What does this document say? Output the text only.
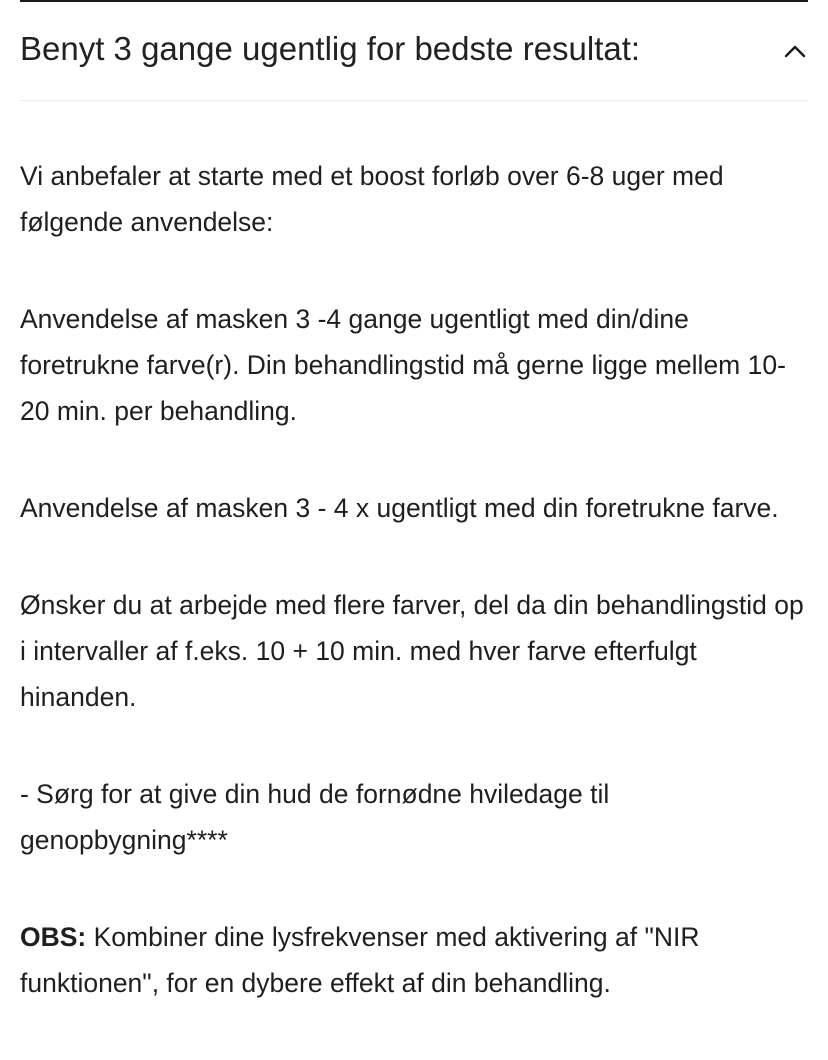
Benyt 3 gange ugentlig for bedste resultat:

Vi anbefaler at starte med et boost forløb over 6-8 uger med følgende anvendelse:

Anvendelse af masken 3 -4 gange ugentligt med din/dine foretrukne farve(r). Din behandlingstid må gerne ligge mellem 10-20 min. per behandling.

Anvendelse af masken 3 - 4 x ugentligt med din foretrukne farve.

Ønsker du at arbejde med flere farver, del da din behandlingstid op i intervaller af f.eks. 10 + 10 min. med hver farve efterfulgt hinanden.

- Sørg for at give din hud de fornødne hviledage til genopbygning****

OBS: Kombiner dine lysfrekvenser med aktivering af "NIR funktionen", for en dybere effekt af din behandling.
